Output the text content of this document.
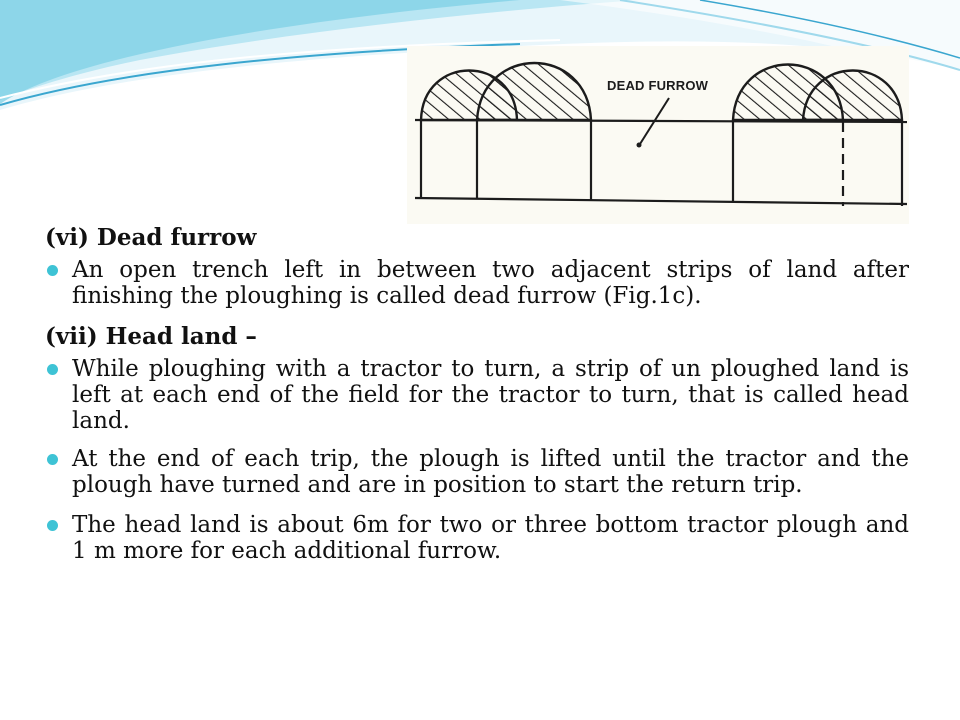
DEAD FURROW
(vi) Dead furrow
An open trench left in between two adjacent strips of land after finishing the ploughing is called dead furrow (Fig.1c).
(vii) Head land –
While ploughing with a tractor to turn, a strip of un ploughed land is left at each end of the field for the tractor to turn, that is called head land.
At the end of each trip, the plough is lifted until the tractor and the plough have turned and are in position to start the return trip.
The head land is about 6m for two or three bottom tractor plough and 1 m more for each additional furrow.
